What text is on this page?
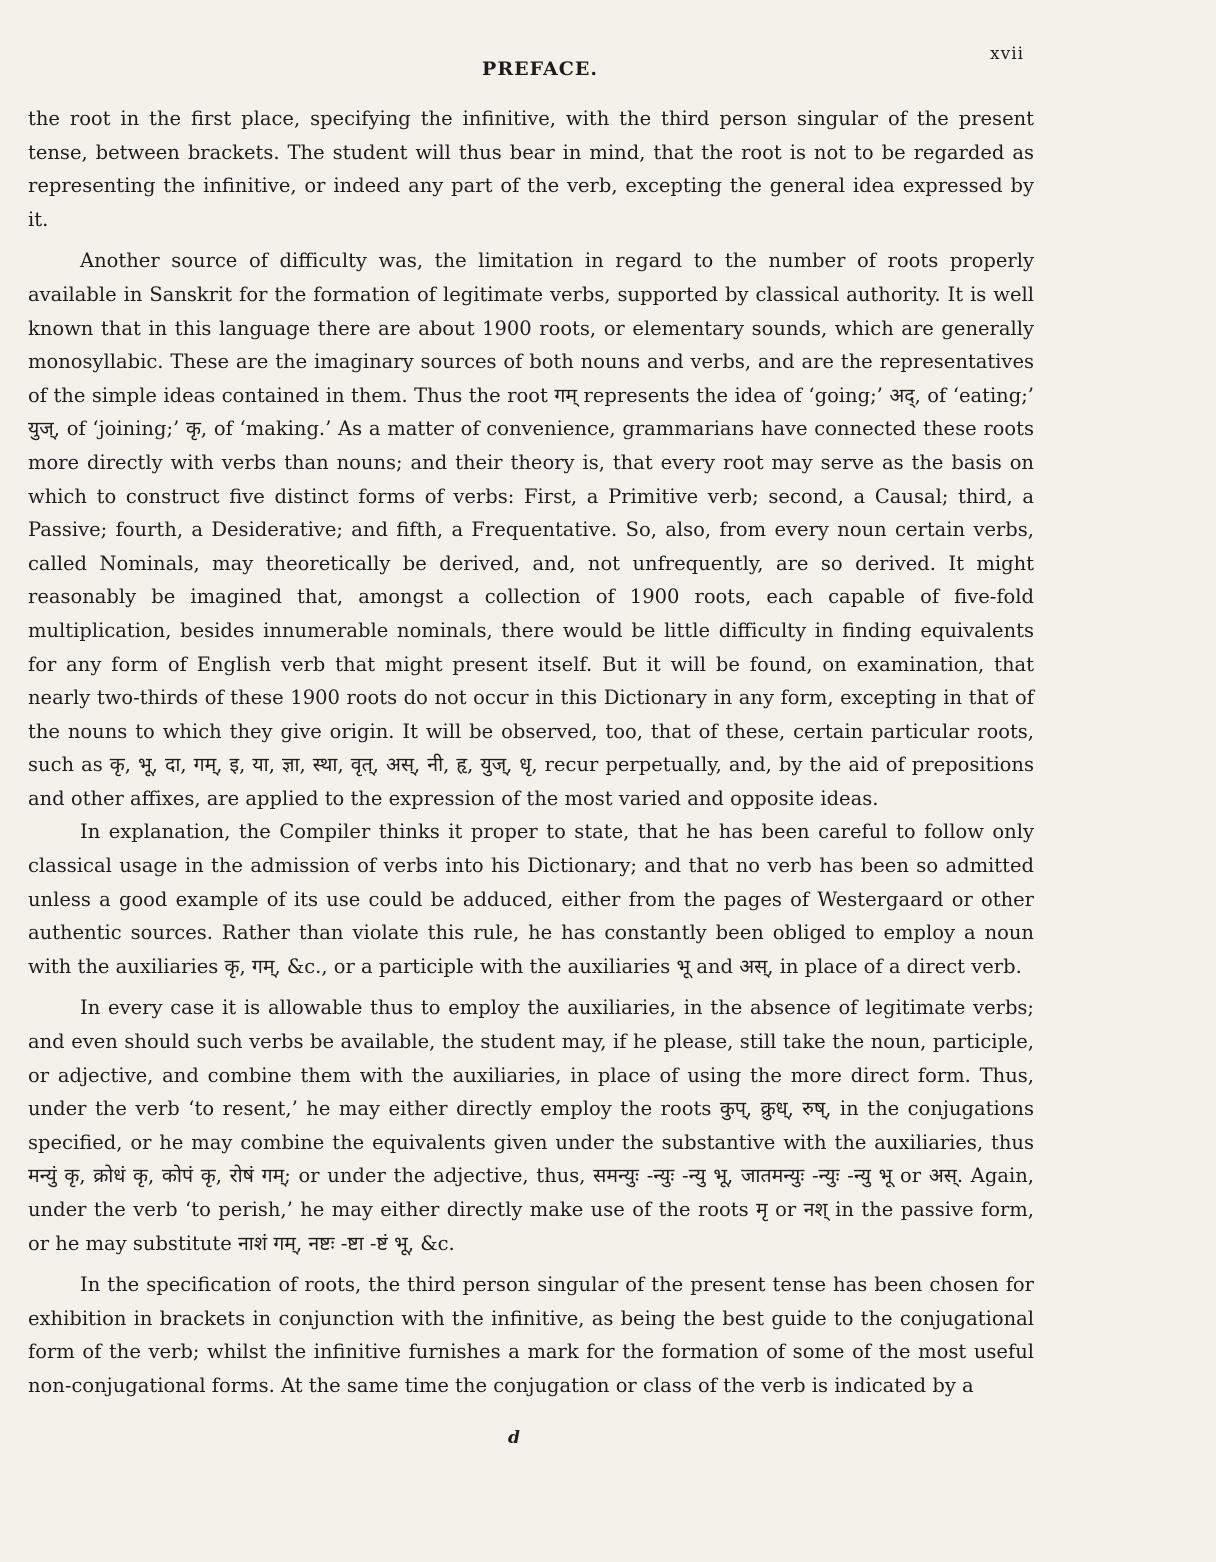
PREFACE.
xvii

the root in the first place, specifying the infinitive, with the third person singular of the present tense, between brackets. The student will thus bear in mind, that the root is not to be regarded as representing the infinitive, or indeed any part of the verb, excepting the general idea expressed by it.

Another source of difficulty was, the limitation in regard to the number of roots properly available in Sanskrit for the formation of legitimate verbs, supported by classical authority. It is well known that in this language there are about 1900 roots, or elementary sounds, which are generally monosyllabic. These are the imaginary sources of both nouns and verbs, and are the representatives of the simple ideas contained in them. Thus the root गम् represents the idea of ‘going;’ अद्, of ‘eating;’ युज्, of ‘joining;’ कृ, of ‘making.’ As a matter of convenience, grammarians have connected these roots more directly with verbs than nouns; and their theory is, that every root may serve as the basis on which to construct five distinct forms of verbs: First, a Primitive verb; second, a Causal; third, a Passive; fourth, a Desiderative; and fifth, a Frequentative. So, also, from every noun certain verbs, called Nominals, may theoretically be derived, and, not unfrequently, are so derived. It might reasonably be imagined that, amongst a collection of 1900 roots, each capable of five-fold multiplication, besides innumerable nominals, there would be little difficulty in finding equivalents for any form of English verb that might present itself. But it will be found, on examination, that nearly two-thirds of these 1900 roots do not occur in this Dictionary in any form, excepting in that of the nouns to which they give origin. It will be observed, too, that of these, certain particular roots, such as कृ, भू, दा, गम्, इ, या, ज्ञा, स्था, वृत्, अस्, नी, हृ, युज्, धृ, recur perpetually, and, by the aid of prepositions and other affixes, are applied to the expression of the most varied and opposite ideas.

In explanation, the Compiler thinks it proper to state, that he has been careful to follow only classical usage in the admission of verbs into his Dictionary; and that no verb has been so admitted unless a good example of its use could be adduced, either from the pages of Westergaard or other authentic sources. Rather than violate this rule, he has constantly been obliged to employ a noun with the auxiliaries कृ, गम्, &c., or a participle with the auxiliaries भू and अस्, in place of a direct verb.

In every case it is allowable thus to employ the auxiliaries, in the absence of legitimate verbs; and even should such verbs be available, the student may, if he please, still take the noun, participle, or adjective, and combine them with the auxiliaries, in place of using the more direct form. Thus, under the verb ‘to resent,’ he may either directly employ the roots कुप्, क्रुध्, रुष्, in the conjugations specified, or he may combine the equivalents given under the substantive with the auxiliaries, thus मन्युं कृ, क्रोधं कृ, कोपं कृ, रोषं गम्; or under the adjective, thus, समन्युः -न्युः -न्यु भू, जातमन्युः -न्युः -न्यु भू or अस्. Again, under the verb ‘to perish,’ he may either directly make use of the roots मृ or नश् in the passive form, or he may substitute नाशं गम्, नष्टः -ष्टा -ष्टं भू, &c.

In the specification of roots, the third person singular of the present tense has been chosen for exhibition in brackets in conjunction with the infinitive, as being the best guide to the conjugational form of the verb; whilst the infinitive furnishes a mark for the formation of some of the most useful non-conjugational forms. At the same time the conjugation or class of the verb is indicated by a

d
